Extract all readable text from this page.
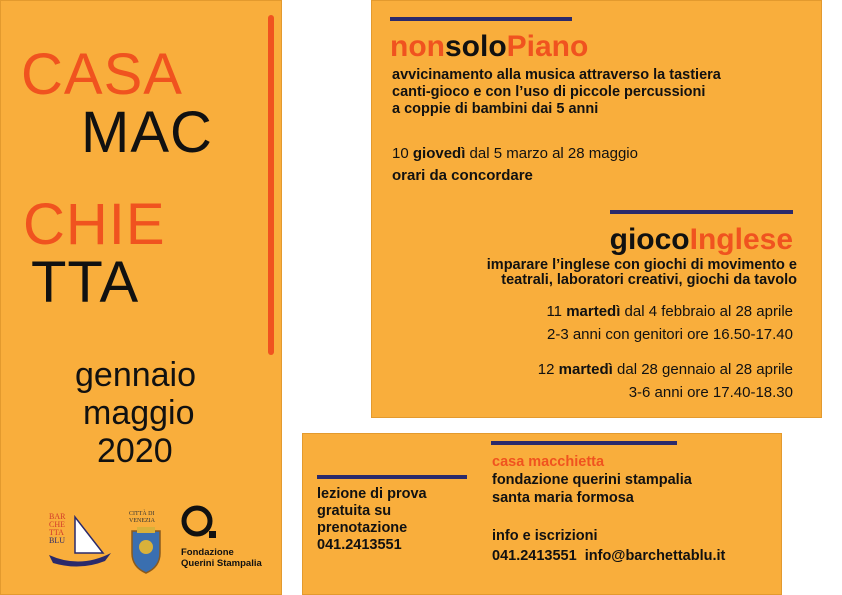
CASA
MAC
CHIE
TTA
gennaio
maggio
2020
BAR
CHE
TTA
BLU
CITTÀ DI
VENEZIA
Fondazione
Querini Stampalia
nonsoloPiano
avvicinamento alla musica attraverso la tastiera
canti-gioco e con l’uso di piccole percussioni
a coppie di bambini dai 5 anni
10 giovedì dal 5 marzo al 28 maggio
orari da concordare
giocoInglese
imparare l’inglese con giochi di movimento e
teatrali, laboratori creativi, giochi da tavolo
11 martedì dal 4 febbraio al 28 aprile
2-3 anni con genitori ore 16.50-17.40
12 martedì dal 28 gennaio al 28 aprile
3-6 anni ore 17.40-18.30
lezione di prova
gratuita su
prenotazione
041.2413551
casa macchietta
fondazione querini stampalia
santa maria formosa
info e iscrizioni
041.2413551  info@barchettablu.it
